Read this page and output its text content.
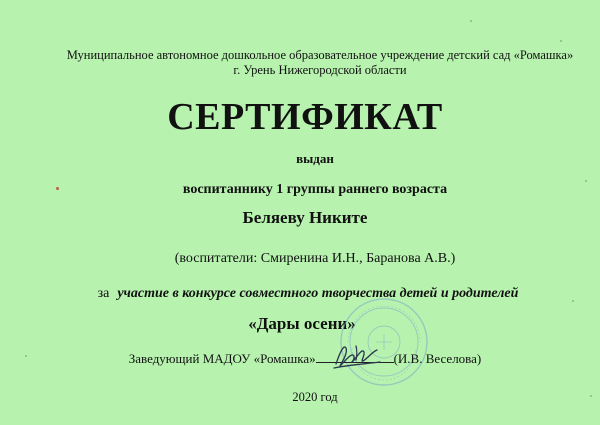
Муниципальное автономное дошкольное образовательное учреждение детский сад «Ромашка»
г. Урень Нижегородской области
СЕРТИФИКАТ
выдан
воспитаннику 1 группы раннего возраста
Беляеву Никите
(воспитатели: Смиренина И.Н., Баранова А.В.)
за участие в конкурсе совместного творчества детей и родителей
«Дары осени»
Заведующий МАДОУ «Ромашка»	(И.В. Веселова)
2020 год
